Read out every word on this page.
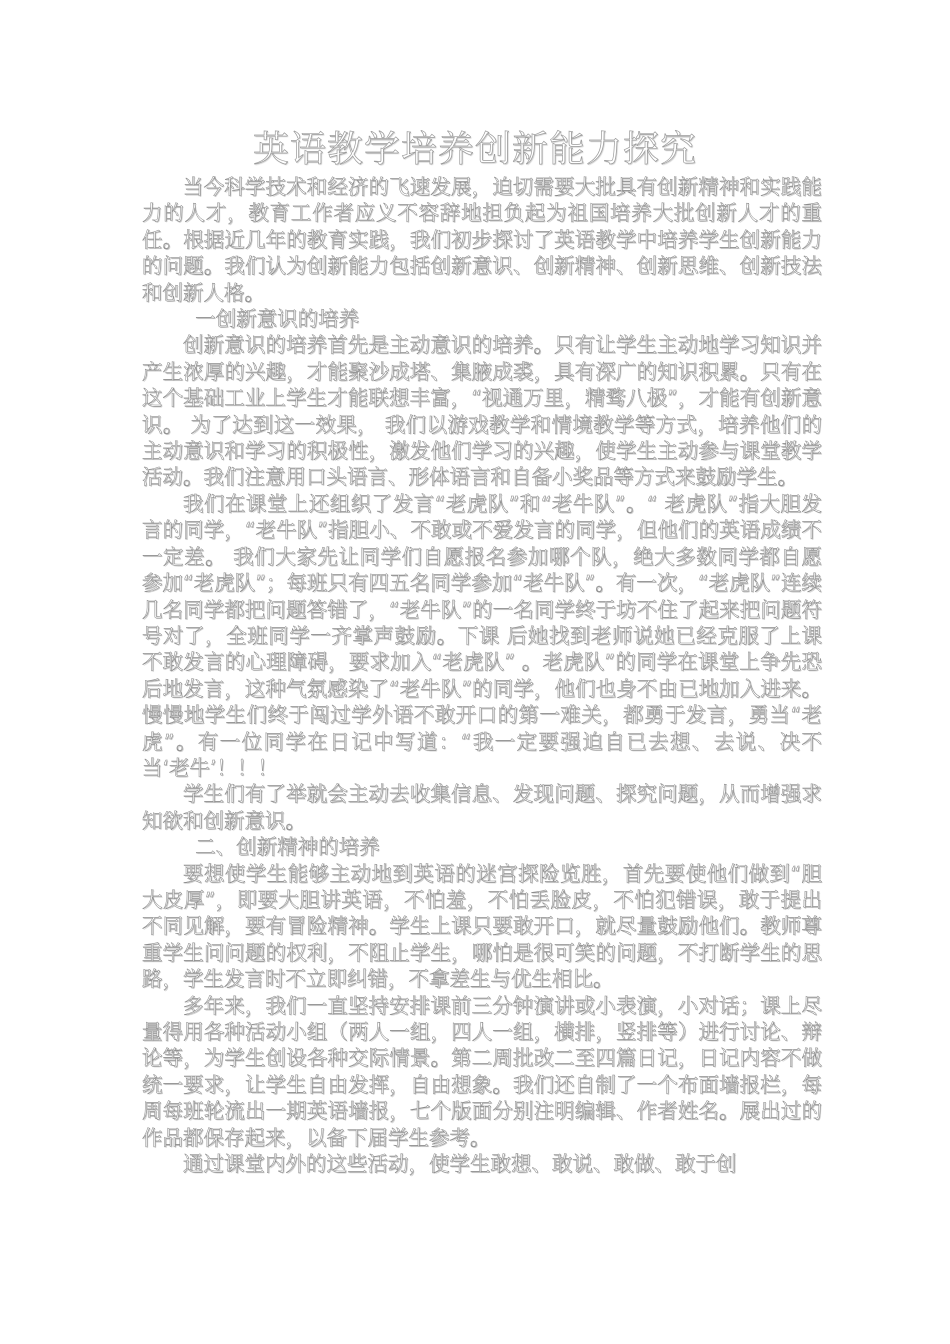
英语教学培养创新能力探究

当今科学技术和经济的飞速发展，迫切需要大批具有创新精神和实践能力的人才，教育工作者应义不容辞地担负起为祖国培养大批创新人才的重任。根据近几年的教育实践，我们初步探讨了英语教学中培养学生创新能力的问题。我们认为创新能力包括创新意识、创新精神、创新思维、创新技法和创新人格。

一创新意识的培养

创新意识的培养首先是主动意识的培养。只有让学生主动地学习知识并产生浓厚的兴趣，才能聚沙成塔、集腋成裘，具有深广的知识积累。只有在这个基础工业上学生才能联想丰富，“视通万里，精骛八极”，才能有创新意识。 为了达到这一效果， 我们以游戏教学和情境教学等方式，培养他们的主动意识和学习的积极性，激发他们学习的兴趣，使学生主动参与课堂教学活动。我们注意用口头语言、形体语言和自备小奖品等方式来鼓励学生。

我们在课堂上还组织了发言“老虎队”和“老牛队”。“ 老虎队”指大胆发言的同学，“老牛队”指胆小、不敢或不爱发言的同学，但他们的英语成绩不一定差。 我们大家先让同学们自愿报名参加哪个队，绝大多数同学都自愿参加“老虎队”；每班只有四五名同学参加“老牛队”。有一次，“老虎队”连续几名同学都把问题答错了，“老牛队”的一名同学终于坊不住了起来把问题符号对了，全班同学一齐掌声鼓励。下课 后她找到老师说她已经克服了上课不敢发言的心理障碍，要求加入“老虎队” 。老虎队”的同学在课堂上争先恐后地发言，这种气氛感染了“老牛队”的同学，他们也身不由已地加入进来。慢慢地学生们终于闯过学外语不敢开口的第一难关，都勇于发言，勇当“老虎”。有一位同学在日记中写道：“我一定要强迫自已去想、去说、决不当‘老牛’！！！

学生们有了举就会主动去收集信息、发现问题、探究问题，从而增强求知欲和创新意识。

二、创新精神的培养

要想使学生能够主动地到英语的迷宫探险览胜，首先要使他们做到“胆大皮厚”，即要大胆讲英语，不怕羞，不怕丢脸皮，不怕犯错误，敢于提出不同见解，要有冒险精神。学生上课只要敢开口，就尽量鼓励他们。教师尊重学生问问题的权利，不阻止学生，哪怕是很可笑的问题，不打断学生的思路，学生发言时不立即纠错，不拿差生与优生相比。

多年来，我们一直坚持安排课前三分钟演讲或小表演，小对话；课上尽量得用各种活动小组（两人一组，四人一组，横排，竖排等）进行讨论、辩论等，为学生创设各种交际情景。第二周批改二至四篇日记，日记内容不做统一要求，让学生自由发挥，自由想象。我们还自制了一个布面墙报栏，每周每班轮流出一期英语墙报，七个版面分别注明编辑、作者姓名。展出过的作品都保存起来，以备下届学生参考。

通过课堂内外的这些活动，使学生敢想、敢说、敢做、敢于创
